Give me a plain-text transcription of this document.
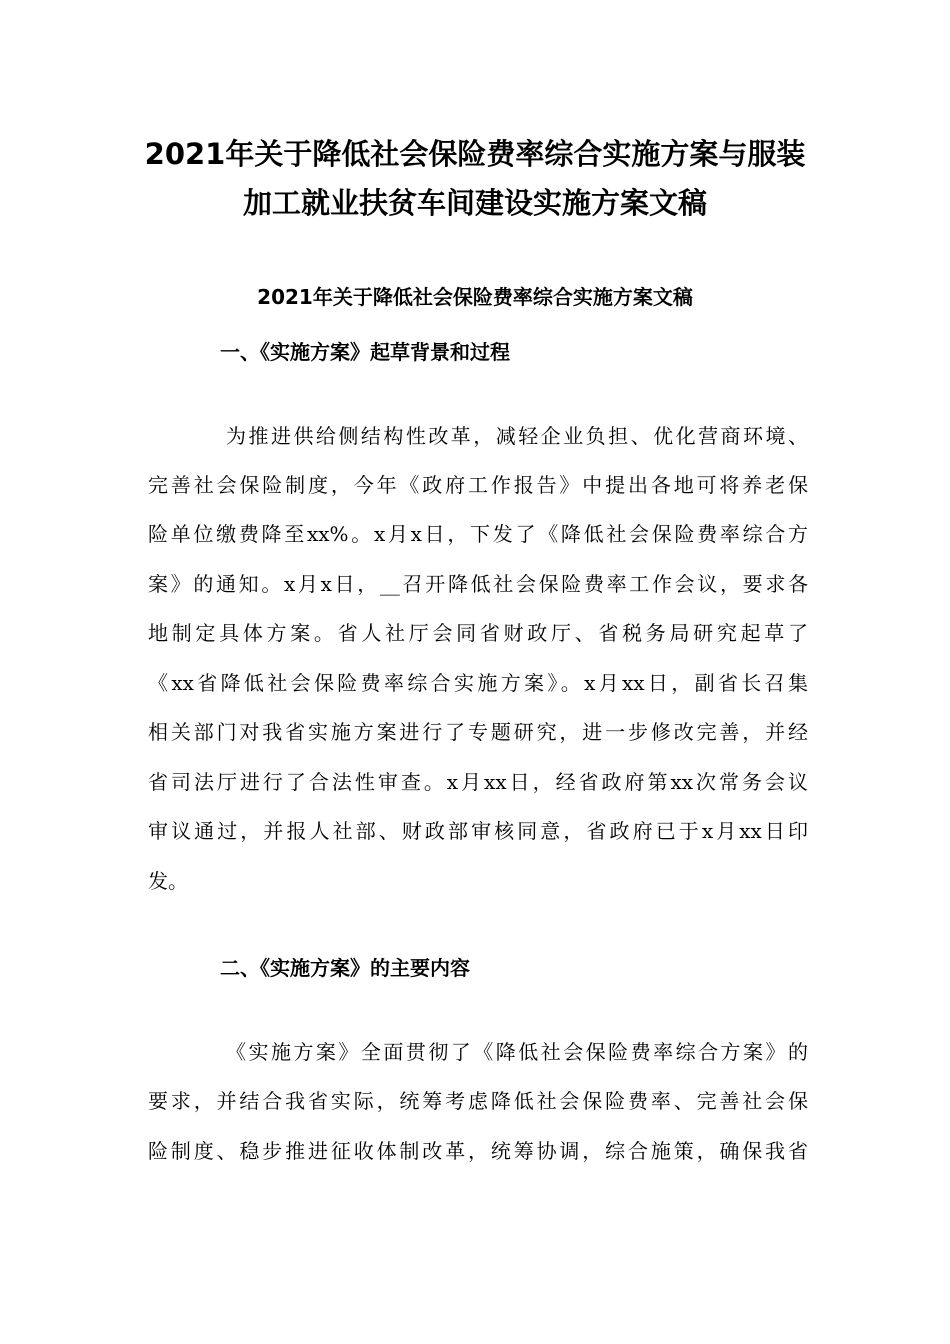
2021年关于降低社会保险费率综合实施方案与服装
加工就业扶贫车间建设实施方案文稿
2021年关于降低社会保险费率综合实施方案文稿
一、《实施方案》起草背景和过程
为推进供给侧结构性改革，减轻企业负担、优化营商环境、
完善社会保险制度，今年《政府工作报告》中提出各地可将养老保
险单位缴费降至xx%。x月x日，下发了《降低社会保险费率综合方
案》的通知。x月x日，__召开降低社会保险费率工作会议，要求各
地制定具体方案。省人社厅会同省财政厅、省税务局研究起草了
《xx省降低社会保险费率综合实施方案》。x月xx日，副省长召集
相关部门对我省实施方案进行了专题研究，进一步修改完善，并经
省司法厅进行了合法性审查。x月xx日，经省政府第xx次常务会议
审议通过，并报人社部、财政部审核同意，省政府已于x月xx日印
发。
二、《实施方案》的主要内容
《实施方案》全面贯彻了《降低社会保险费率综合方案》的
要求，并结合我省实际，统筹考虑降低社会保险费率、完善社会保
险制度、稳步推进征收体制改革，统筹协调，综合施策，确保我省
